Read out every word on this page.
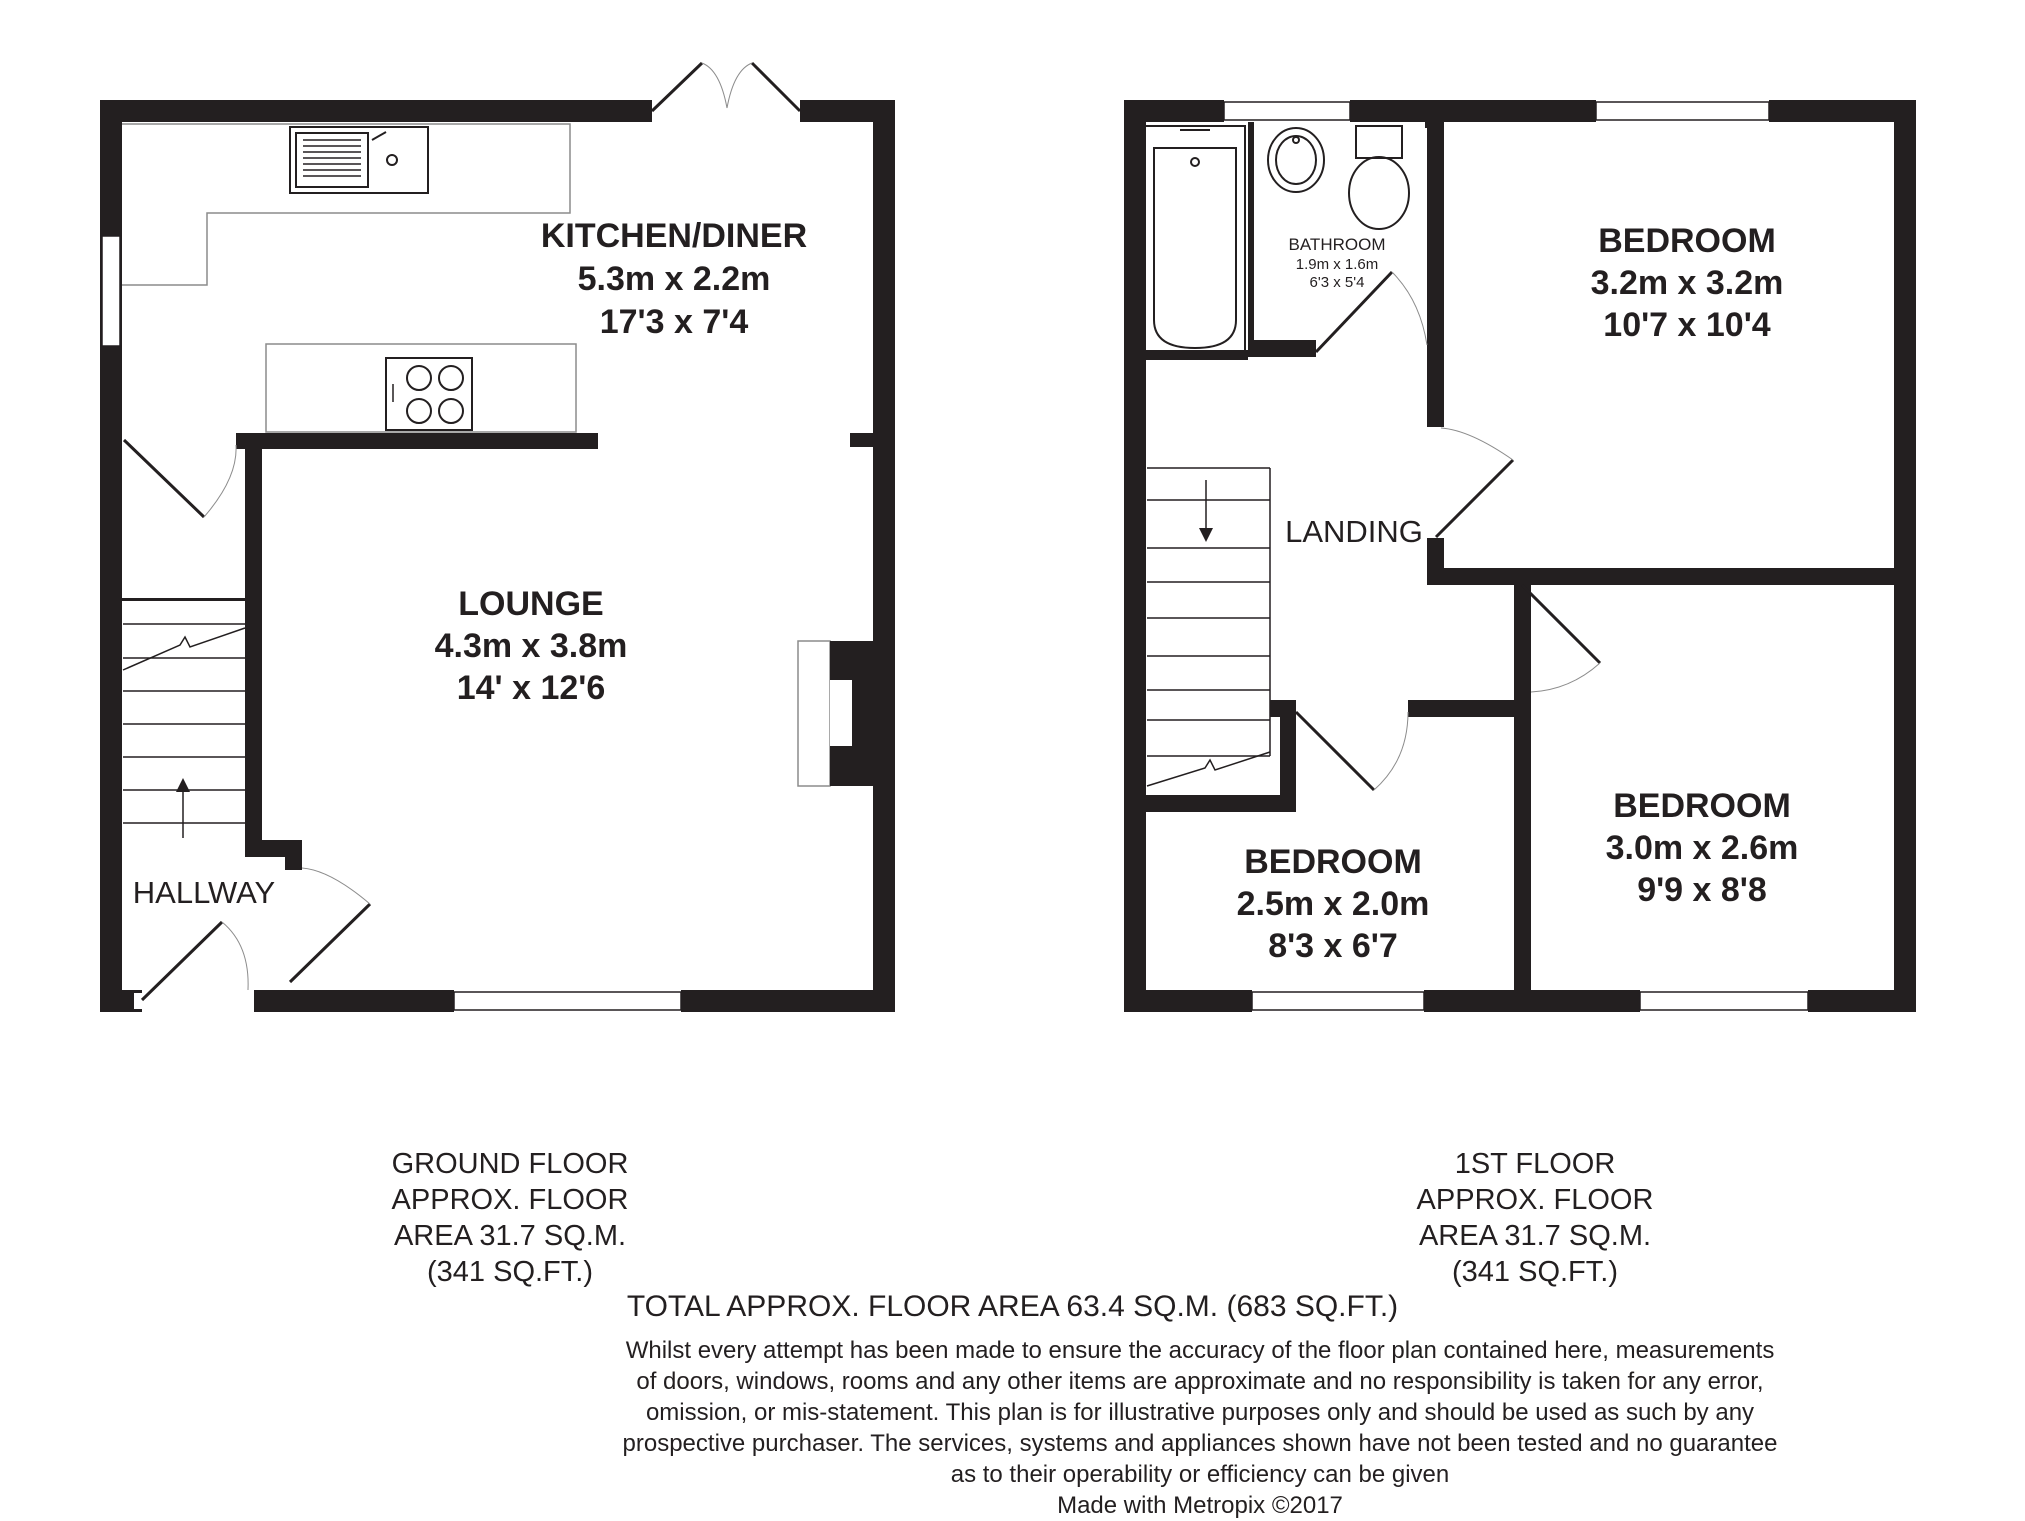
KITCHEN/DINER
5.3m x 2.2m
17'3 x 7'4
LOUNGE
4.3m x 3.8m
14' x 12'6
HALLWAY
BATHROOM
1.9m x 1.6m
6'3 x 5'4
BEDROOM
3.2m x 3.2m
10'7 x 10'4
LANDING
BEDROOM
3.0m x 2.6m
9'9 x 8'8
BEDROOM
2.5m x 2.0m
8'3 x 6'7
GROUND FLOOR
APPROX. FLOOR
AREA 31.7 SQ.M.
(341 SQ.FT.)
1ST FLOOR
APPROX. FLOOR
AREA 31.7 SQ.M.
(341 SQ.FT.)
TOTAL APPROX. FLOOR AREA 63.4 SQ.M. (683 SQ.FT.)
Whilst every attempt has been made to ensure the accuracy of the floor plan contained here, measurements
of doors, windows, rooms and any other items are approximate and no responsibility is taken for any error,
omission, or mis-statement. This plan is for illustrative purposes only and should be used as such by any
prospective purchaser. The services, systems and appliances shown have not been tested and no guarantee
as to their operability or efficiency can be given
Made with Metropix ©2017
